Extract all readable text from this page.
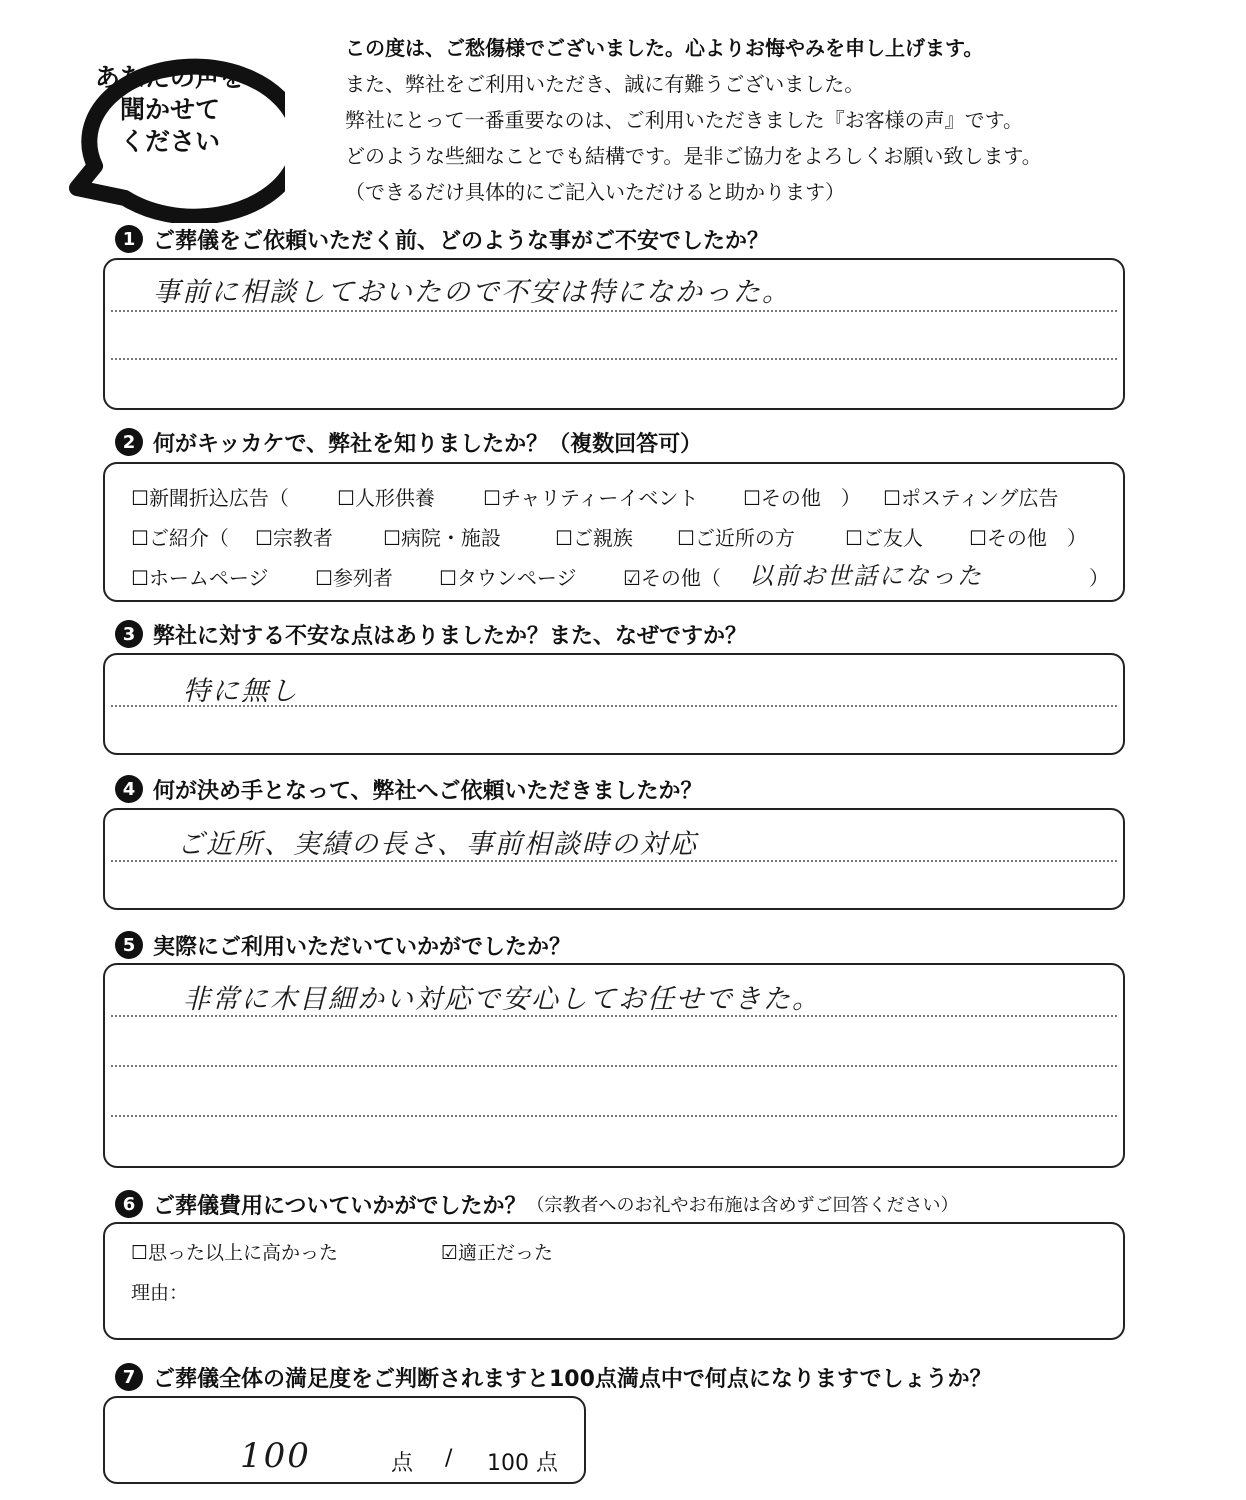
あなたの声を
聞かせて
ください
この度は、ご愁傷様でございました。心よりお悔やみを申し上げます。
また、弊社をご利用いただき、誠に有難うございました。
弊社にとって一番重要なのは、ご利用いただきました『お客様の声』です。
どのような些細なことでも結構です。是非ご協力をよろしくお願い致します。
（できるだけ具体的にご記入いただけると助かります）
1 ご葬儀をご依頼いただく前、どのような事がご不安でしたか？
事前に相談しておいたので不安は特になかった。
2 何がキッカケで、弊社を知りましたか？（複数回答可）
☐ 新聞折込広告（	☐ 人形供養	☐ チャリティーイベント	☐ その他　）	☐ ポスティング広告
☐ ご紹介（	☐ 宗教者	☐ 病院・施設	☐ ご親族	☐ ご近所の方	☐ ご友人	☐ その他　）
☐ ホームページ	☐ 参列者	☐ タウンページ	☑ その他（ 以前お世話になった	）
3 弊社に対する不安な点はありましたか？また、なぜですか？
特に無し
4 何が決め手となって、弊社へご依頼いただきましたか？
ご近所、実績の長さ、事前相談時の対応
5 実際にご利用いただいていかがでしたか？
非常に木目細かい対応で安心してお任せできた。
6 ご葬儀費用についていかがでしたか？ （宗教者へのお礼やお布施は含めずご回答ください）
☐ 思った以上に高かった	☑ 適正だった
理由：
7 ご葬儀全体の満足度をご判断されますと100点満点中で何点になりますでしょうか？
100	点 / 100 点
